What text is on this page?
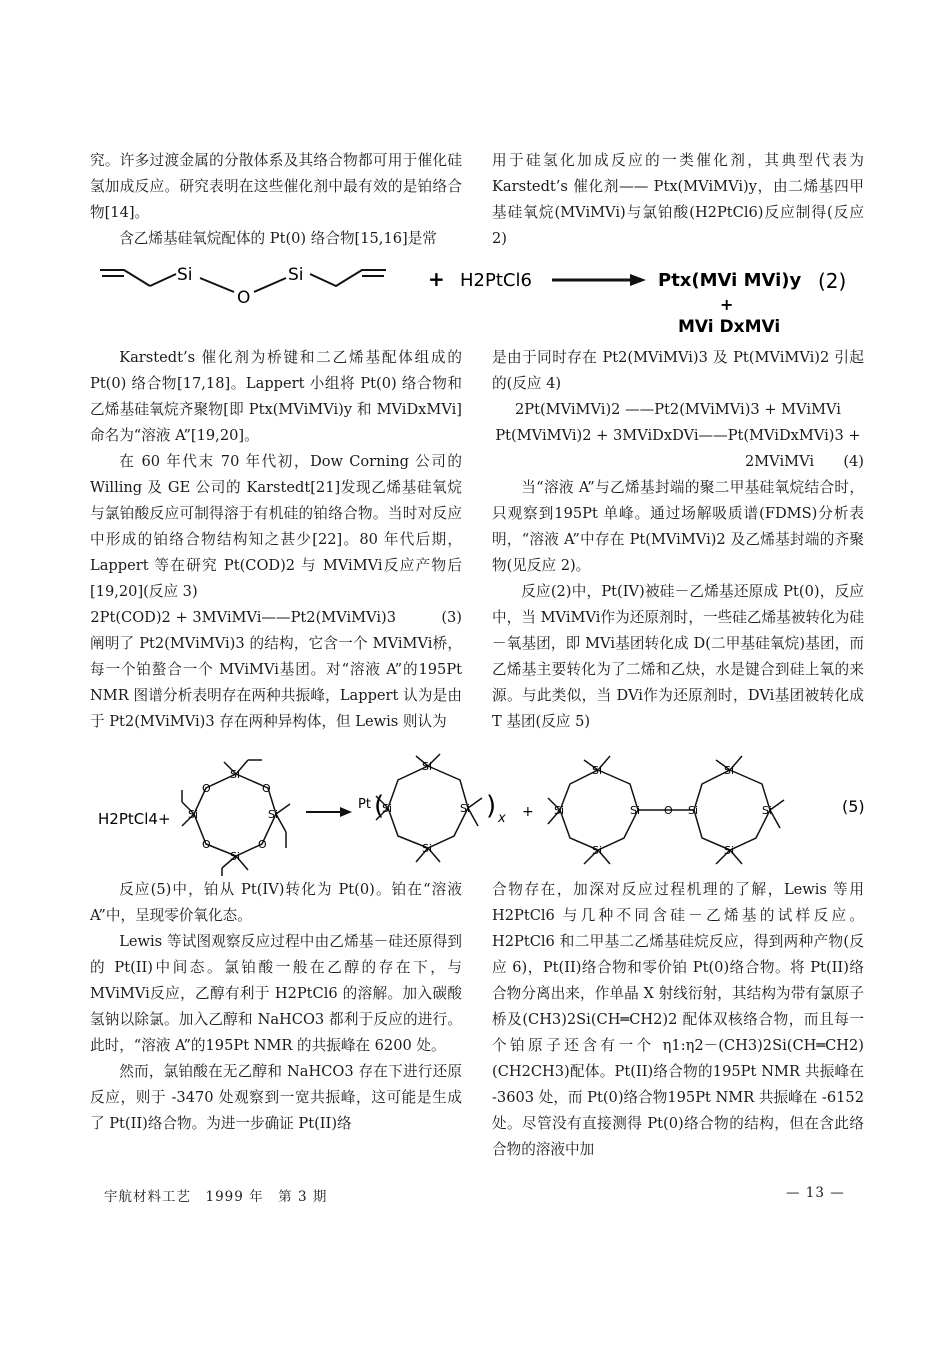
究。许多过渡金属的分散体系及其络合物都可用于催化硅氢加成反应。研究表明在这些催化剂中最有效的是铂络合物[14]。

含乙烯基硅氧烷配体的 Pt(0) 络合物[15,16]是常

用于硅氢化加成反应的一类催化剂，其典型代表为 Karstedt’s 催化剂—— Ptx(MViMVi)y，由二烯基四甲基硅氧烷(MViMVi)与氯铂酸(H2PtCl6)反应制得(反应 2)

Si
O
Si	+ H2PtCl6	Ptx(MVi MVi)y
+
MVi DxMVi
(2)

Karstedt’s 催化剂为桥键和二乙烯基配体组成的 Pt(0) 络合物[17,18]。Lappert 小组将 Pt(0) 络合物和乙烯基硅氧烷齐聚物[即 Ptx(MViMVi)y 和 MViDxMVi]命名为“溶液 A”[19,20]。

在 60 年代末 70 年代初，Dow Corning 公司的 Willing 及 GE 公司的 Karstedt[21]发现乙烯基硅氧烷与氯铂酸反应可制得溶于有机硅的铂络合物。当时对反应中形成的铂络合物结构知之甚少[22]。80 年代后期，Lappert 等在研究 Pt(COD)2 与 MViMVi反应产物后[19,20](反应 3)

2Pt(COD)2 + 3MViMVi——Pt2(MViMVi)3	(3)

阐明了 Pt2(MViMVi)3 的结构，它含一个 MViMVi桥，每一个铂螯合一个 MViMVi基团。对“溶液 A”的195Pt NMR 图谱分析表明存在两种共振峰，Lappert 认为是由于 Pt2(MViMVi)3 存在两种异构体，但 Lewis 则认为

是由于同时存在 Pt2(MViMVi)3 及 Pt(MViMVi)2 引起的(反应 4)

2Pt(MViMVi)2 ——Pt2(MViMVi)3 + MViMVi
Pt(MViMVi)2 + 3MViDxDVi——Pt(MViDxMVi)3 +
2MViMVi (4)

当“溶液 A”与乙烯基封端的聚二甲基硅氧烷结合时，只观察到195Pt 单峰。通过场解吸质谱(FDMS)分析表明，“溶液 A”中存在 Pt(MViMVi)2 及乙烯基封端的齐聚物(见反应 2)。

反应(2)中，Pt(IV)被硅－乙烯基还原成 Pt(0)，反应中，当 MViMVi作为还原剂时，一些硅乙烯基被转化为硅－氧基团，即 MVi基团转化成 D(二甲基硅氧烷)基团，而乙烯基主要转化为了二烯和乙炔，水是键合到硅上氧的来源。与此类似，当 DVi作为还原剂时，DVi基团被转化成 T 基团(反应 5)

H2PtCl4 +
Si
Si
Si
Si
O	O
O
O
Pt (
Si
Si
Si
Si	) x +
Si
Si
Si
Si	O
Si
Si
Si
Si	(5)

反应(5)中，铂从 Pt(IV)转化为 Pt(0)。铂在“溶液 A”中，呈现零价氧化态。

Lewis 等试图观察反应过程中由乙烯基－硅还原得到的 Pt(II)中间态。氯铂酸一般在乙醇的存在下，与 MViMVi反应，乙醇有利于 H2PtCl6 的溶解。加入碳酸氢钠以除氯。加入乙醇和 NaHCO3 都利于反应的进行。此时，“溶液 A”的195Pt NMR 的共振峰在 6200 处。

然而，氯铂酸在无乙醇和 NaHCO3 存在下进行还原反应，则于 -3470 处观察到一宽共振峰，这可能是生成了 Pt(II)络合物。为进一步确证 Pt(II)络

合物存在，加深对反应过程机理的了解，Lewis 等用 H2PtCl6 与几种不同含硅－乙烯基的试样反应。H2PtCl6 和二甲基二乙烯基硅烷反应，得到两种产物(反应 6)，Pt(II)络合物和零价铂 Pt(0)络合物。将 Pt(II)络合物分离出来，作单晶 X 射线衍射，其结构为带有氯原子桥及(CH3)2Si(CH═CH2)2 配体双核络合物，而且每一个铂原子还含有一个 η1:η2－(CH3)2Si(CH═CH2)(CH2CH3)配体。Pt(II)络合物的195Pt NMR 共振峰在 -3603 处，而 Pt(0)络合物195Pt NMR 共振峰在 -6152 处。尽管没有直接测得 Pt(0)络合物的结构，但在含此络合物的溶液中加

宇航材料工艺　1999 年　第 3 期	— 13 —
